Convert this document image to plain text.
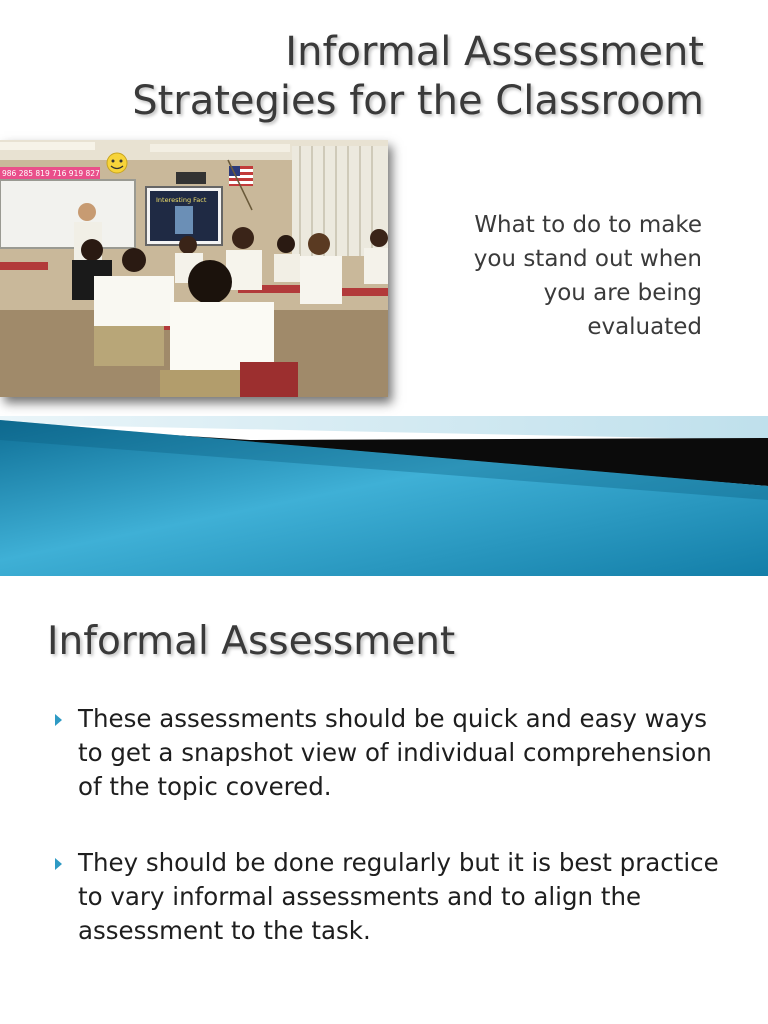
Informal Assessment
Strategies for the Classroom
986 285 819 716 919 827
Interesting Fact

What to do to make
you stand out when
you are being
evaluated

Informal Assessment
These assessments should be quick and easy ways to get a snapshot view of individual comprehension of the topic covered.
They should be done regularly but it is best practice to vary informal assessments and to align the assessment to the task.
